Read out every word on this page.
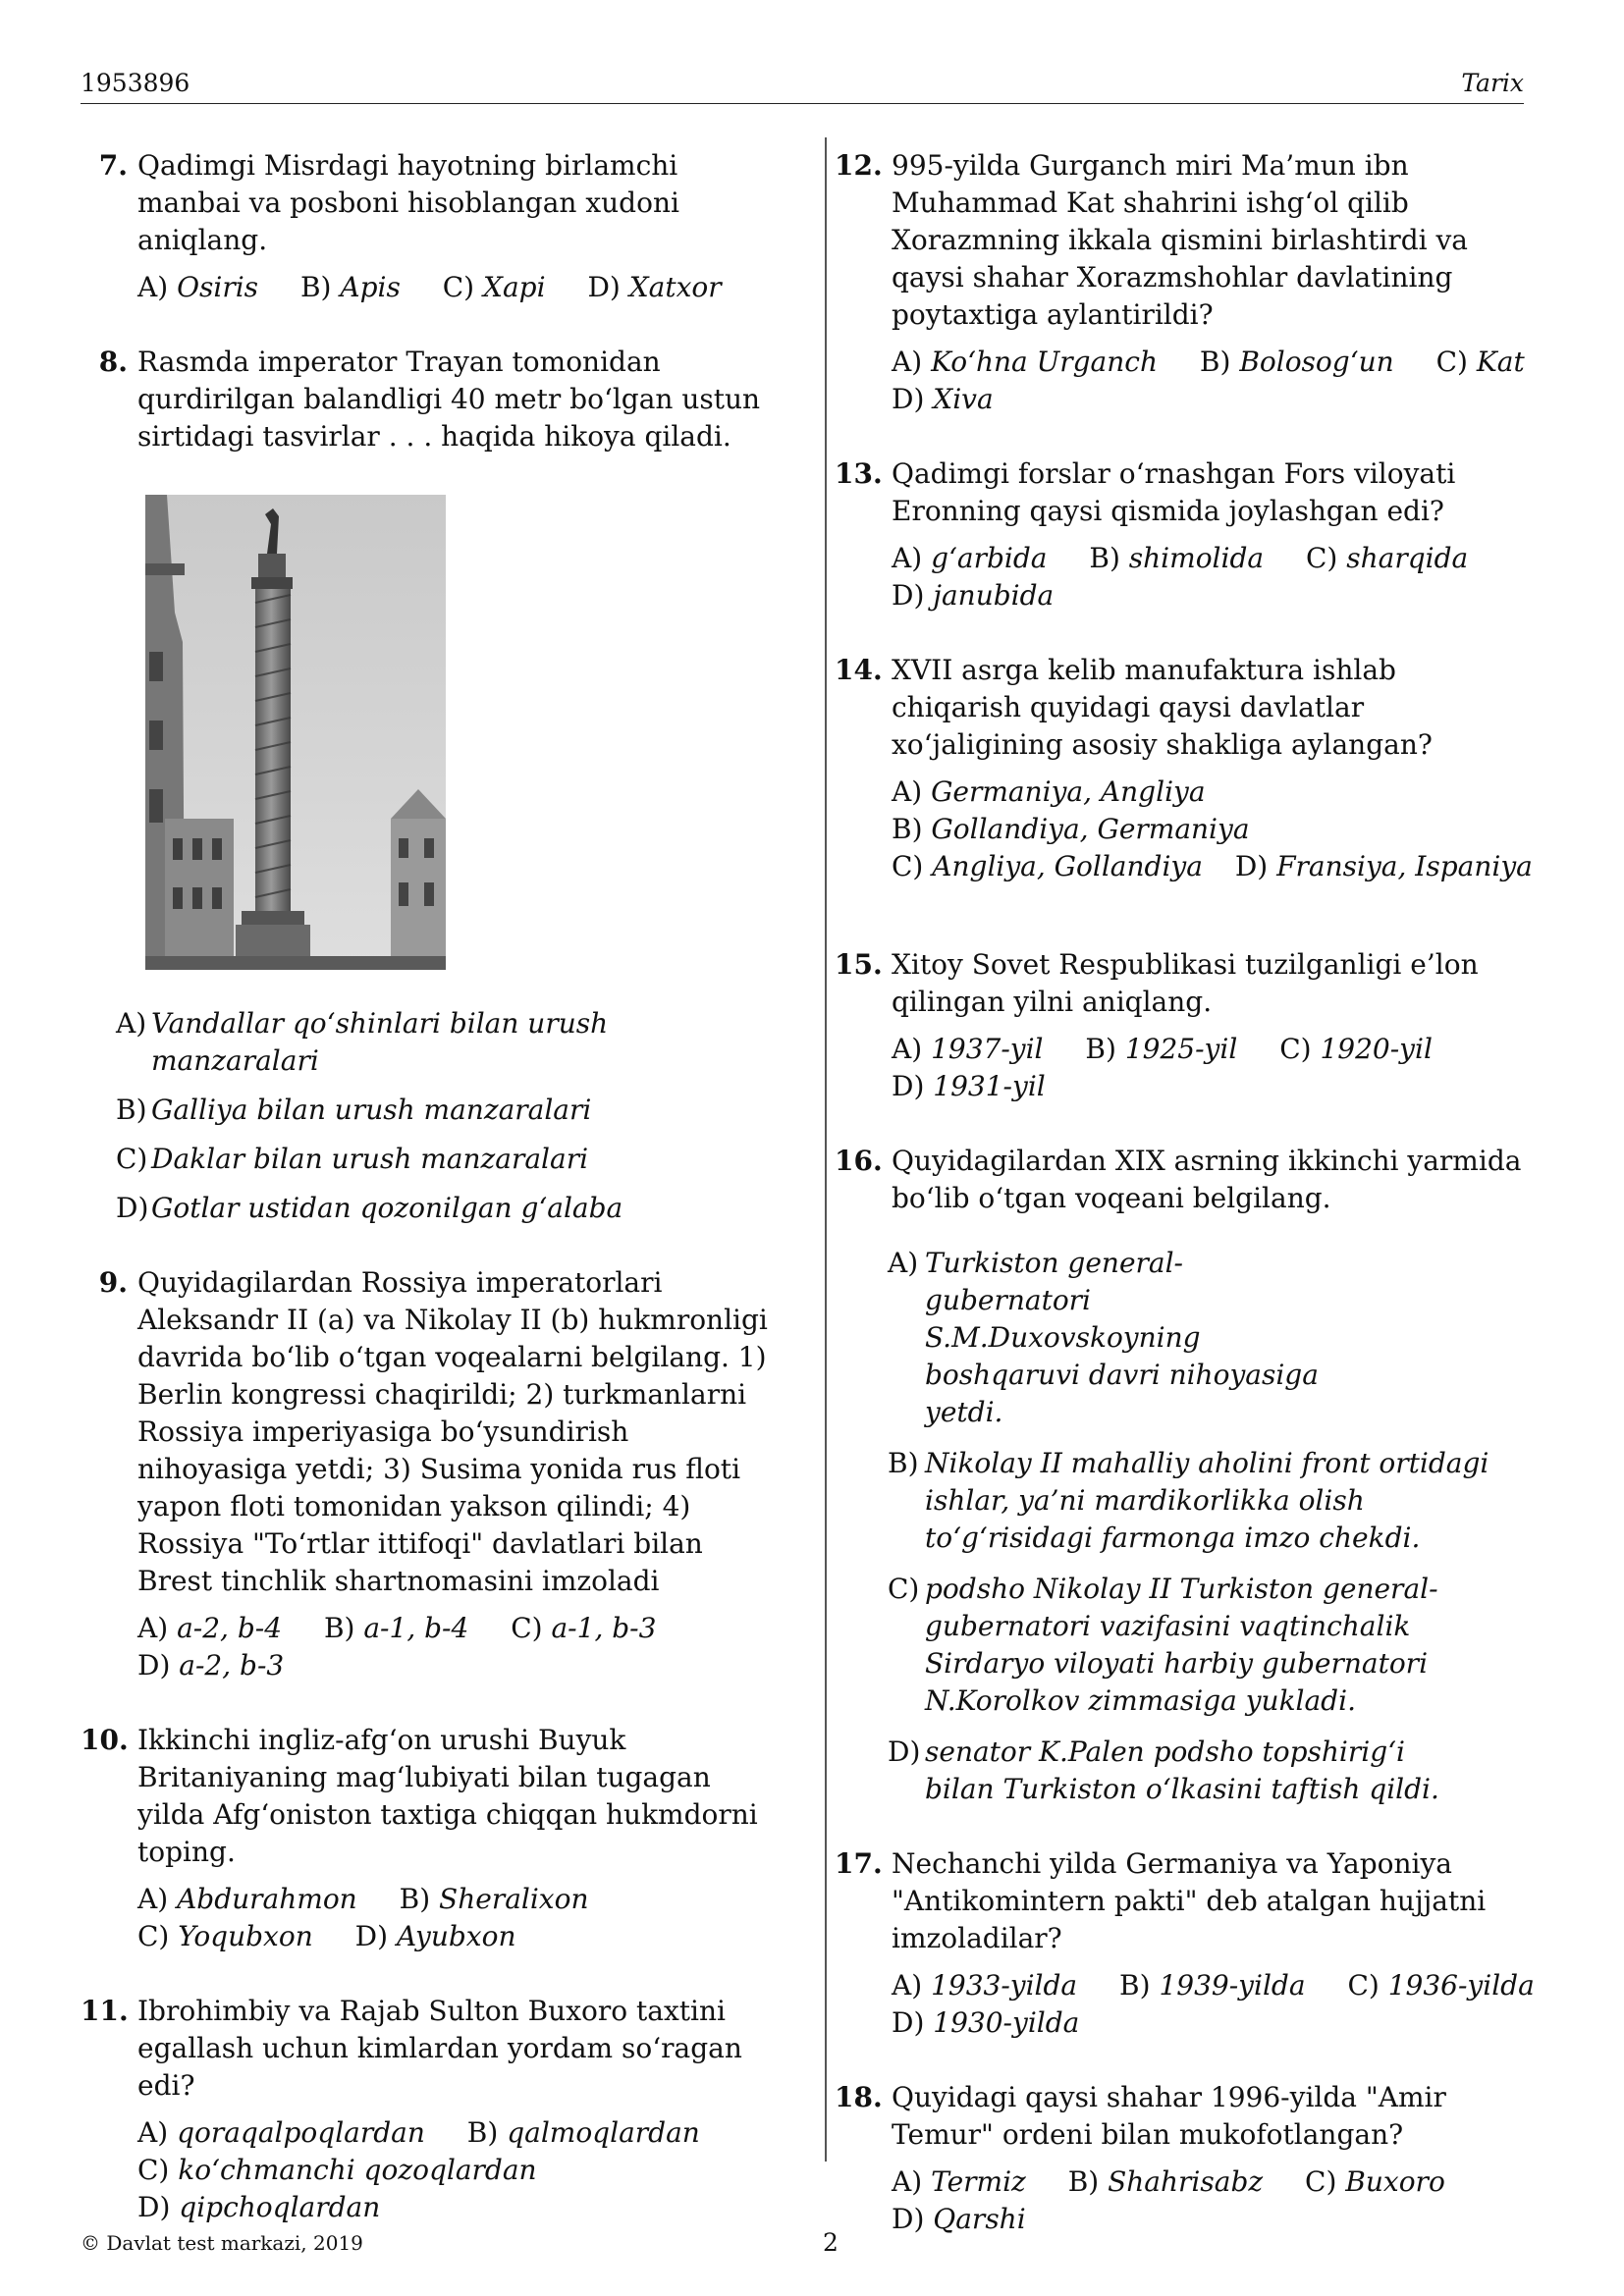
1953896	Tarix
7. Qadimgi Misrdagi hayotning birlamchi manbai va posboni hisoblangan xudoni aniqlang.
A) Osiris B) Apis C) Xapi D) Xatxor
8. Rasmda imperator Trayan tomonidan qurdirilgan balandligi 40 metr bo‘lgan ustun sirtidagi tasvirlar . . . haqida hikoya qiladi.
A) Vandallar qo‘shinlari bilan urush manzaralari
B) Galliya bilan urush manzaralari
C) Daklar bilan urush manzaralari
D) Gotlar ustidan qozonilgan g‘alaba
9. Quyidagilardan Rossiya imperatorlari Aleksandr II (a) va Nikolay II (b) hukmronligi davrida bo‘lib o‘tgan voqealarni belgilang. 1) Berlin kongressi chaqirildi; 2) turkmanlarni Rossiya imperiyasiga bo‘ysundirish nihoyasiga yetdi; 3) Susima yonida rus floti yapon floti tomonidan yakson qilindi; 4) Rossiya "To‘rtlar ittifoqi" davlatlari bilan Brest tinchlik shartnomasini imzoladi
A) a-2, b-4 B) a-1, b-4 C) a-1, b-3
D) a-2, b-3
10. Ikkinchi ingliz-afg‘on urushi Buyuk Britaniyaning mag‘lubiyati bilan tugagan yilda Afg‘oniston taxtiga chiqqan hukmdorni toping.
A) Abdurahmon B) Sheralixon
C) Yoqubxon D) Ayubxon
11. Ibrohimbiy va Rajab Sulton Buxoro taxtini egallash uchun kimlardan yordam so‘ragan edi?
A) qoraqalpoqlardan B) qalmoqlardan
C) ko‘chmanchi qozoqlardan
D) qipchoqlardan
12. 995-yilda Gurganch miri Ma’mun ibn Muhammad Kat shahrini ishg‘ol qilib Xorazmning ikkala qismini birlashtirdi va qaysi shahar Xorazmshohlar davlatining poytaxtiga aylantirildi?
A) Ko‘hna Urganch B) Bolosog‘un C) Kat
D) Xiva
13. Qadimgi forslar o‘rnashgan Fors viloyati Eronning qaysi qismida joylashgan edi?
A) g‘arbida B) shimolida C) sharqida
D) janubida
14. XVII asrga kelib manufaktura ishlab chiqarish quyidagi qaysi davlatlar xo‘jaligining asosiy shakliga aylangan?
A) Germaniya, Angliya
B) Gollandiya, Germaniya
C) Angliya, Gollandiya D) Fransiya, Ispaniya
15. Xitoy Sovet Respublikasi tuzilganligi e’lon qilingan yilni aniqlang.
A) 1937-yil B) 1925-yil C) 1920-yil
D) 1931-yil
16. Quyidagilardan XIX asrning ikkinchi yarmida bo‘lib o‘tgan voqeani belgilang.
A) Turkiston general-gubernatori S.M.Duxovskoyning boshqaruvi davri nihoyasiga yetdi.
B) Nikolay II mahalliy aholini front ortidagi ishlar, ya’ni mardikorlikka olish to‘g‘risidagi farmonga imzo chekdi.
C) podsho Nikolay II Turkiston general-gubernatori vazifasini vaqtinchalik Sirdaryo viloyati harbiy gubernatori N.Korolkov zimmasiga yukladi.
D) senator K.Palen podsho topshirig‘i bilan Turkiston o‘lkasini taftish qildi.
17. Nechanchi yilda Germaniya va Yaponiya "Antikomintern pakti" deb atalgan hujjatni imzoladilar?
A) 1933-yilda B) 1939-yilda C) 1936-yilda
D) 1930-yilda
18. Quyidagi qaysi shahar 1996-yilda "Amir Temur" ordeni bilan mukofotlangan?
A) Termiz B) Shahrisabz C) Buxoro
D) Qarshi
© Davlat test markazi, 2019	2
